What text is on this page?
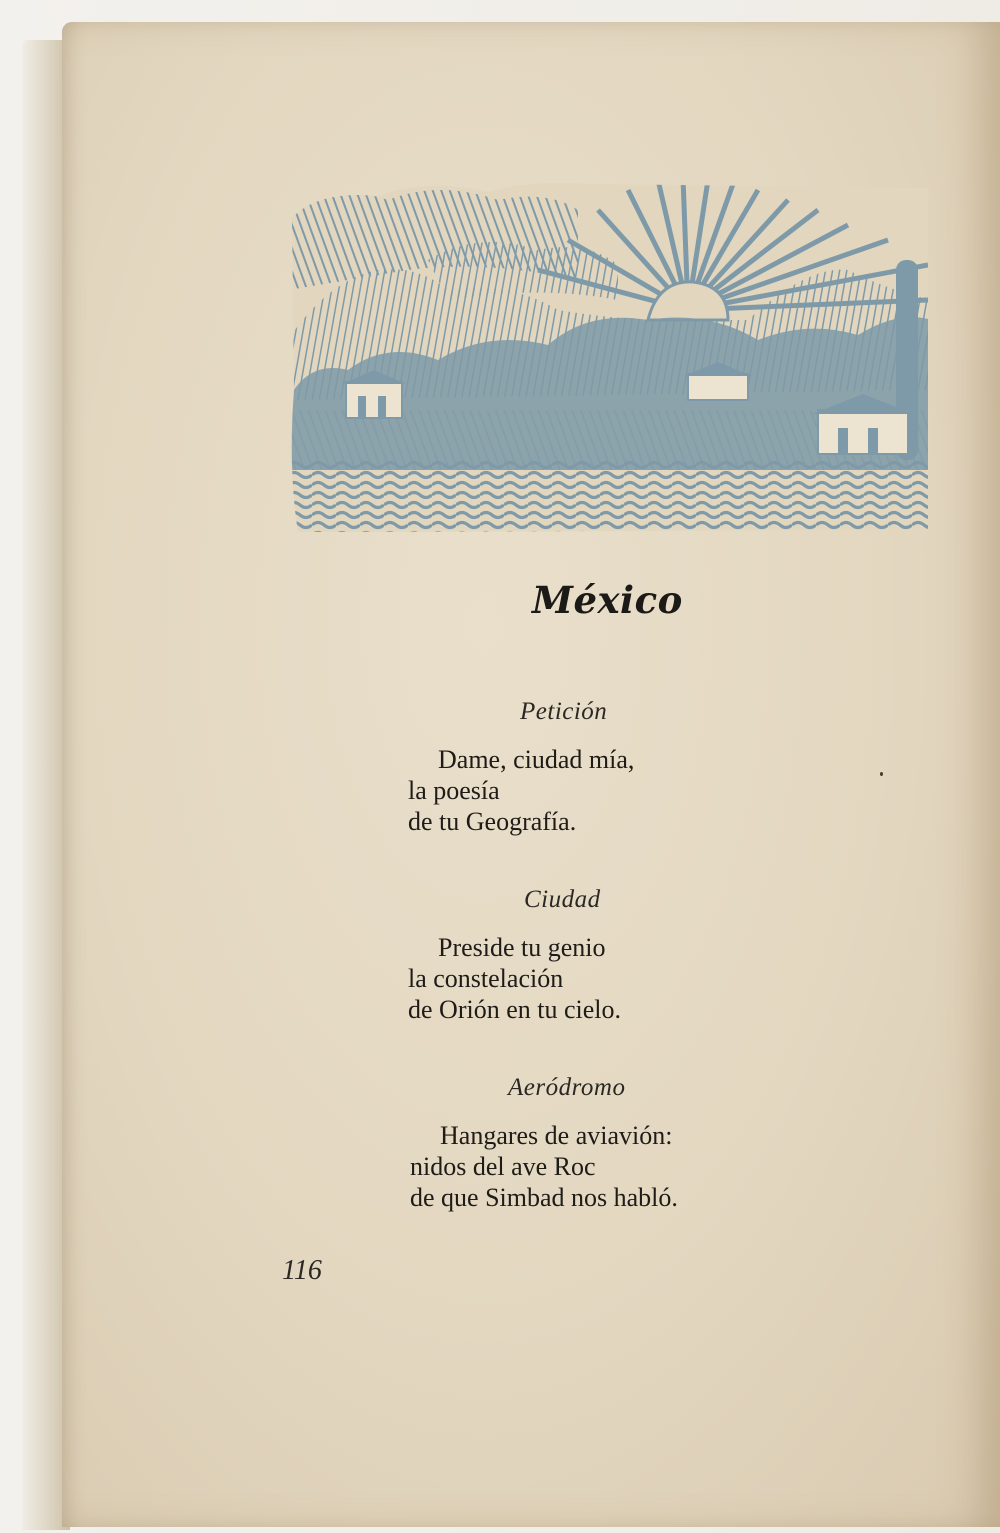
México
Petición
Dame, ciudad mía,
la poesía
de tu Geografía.
Ciudad
Preside tu genio
la constelación
de Orión en tu cielo.
Aeródromo
Hangares de aviavión:
nidos del ave Roc
de que Simbad nos habló.
116
